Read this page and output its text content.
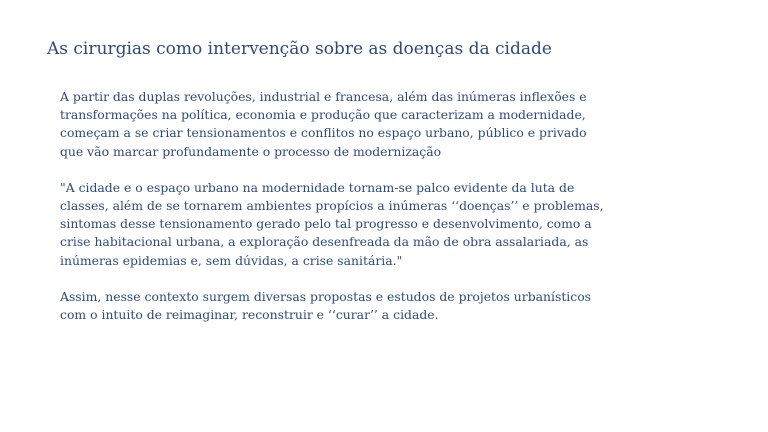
As cirurgias como intervenção sobre as doenças da cidade

A partir das duplas revoluções, industrial e francesa, além das inúmeras inflexões e transformações na política, economia e produção que caracterizam a modernidade, começam a se criar tensionamentos e conflitos no espaço urbano, público e privado que vão marcar profundamente o processo de modernização

"A cidade e o espaço urbano na modernidade tornam-se palco evidente da luta de classes, além de se tornarem ambientes propícios a inúmeras ‘‘doenças’’ e problemas, sintomas desse tensionamento gerado pelo tal progresso e desenvolvimento, como a crise habitacional urbana, a exploração desenfreada da mão de obra assalariada, as inúmeras epidemias e, sem dúvidas, a crise sanitária."

Assim, nesse contexto surgem diversas propostas e estudos de projetos urbanísticos com o intuito de reimaginar, reconstruir e ‘‘curar’’ a cidade.
